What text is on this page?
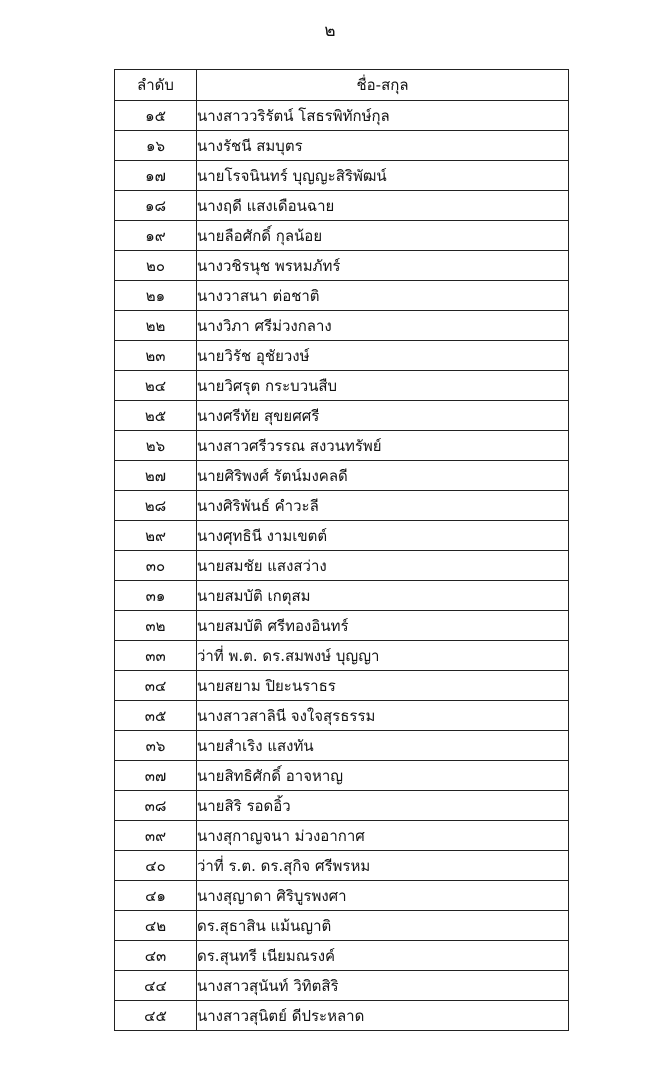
๒
ลำดับ	ชื่อ-สกุล
๑๕	นางสาววริรัตน์ โสธรพิทักษ์กุล
๑๖	นางรัชนี สมบุตร
๑๗	นายโรจนินทร์ บุญญะสิริพัฒน์
๑๘	นางฤดี แสงเดือนฉาย
๑๙	นายลือศักดิ์ กุลน้อย
๒๐	นางวชิรนุช พรหมภัทร์
๒๑	นางวาสนา ต่อชาติ
๒๒	นางวิภา ศรีม่วงกลาง
๒๓	นายวิรัช อุชัยวงษ์
๒๔	นายวิศรุต กระบวนสืบ
๒๕	นางศรีทัย สุขยศศรี
๒๖	นางสาวศรีวรรณ สงวนทรัพย์
๒๗	นายศิริพงศ์ รัตน์มงคลดี
๒๘	นางศิริพันธ์ คำวะลี
๒๙	นางศุทธินี งามเขตต์
๓๐	นายสมชัย แสงสว่าง
๓๑	นายสมบัติ เกตุสม
๓๒	นายสมบัติ ศรีทองอินทร์
๓๓	ว่าที่ พ.ต. ดร.สมพงษ์ บุญญา
๓๔	นายสยาม ปิยะนราธร
๓๕	นางสาวสาลินี จงใจสุรธรรม
๓๖	นายสำเริง แสงทัน
๓๗	นายสิทธิศักดิ์ อาจหาญ
๓๘	นายสิริ รอดอิ้ว
๓๙	นางสุกาญจนา ม่วงอากาศ
๔๐	ว่าที่ ร.ต. ดร.สุกิจ ศรีพรหม
๔๑	นางสุญาดา ศิริบูรพงศา
๔๒	ดร.สุธาสิน แม้นญาติ
๔๓	ดร.สุนทรี เนียมณรงค์
๔๔	นางสาวสุนันท์ วิทิตสิริ
๔๕	นางสาวสุนิตย์ ดีประหลาด
